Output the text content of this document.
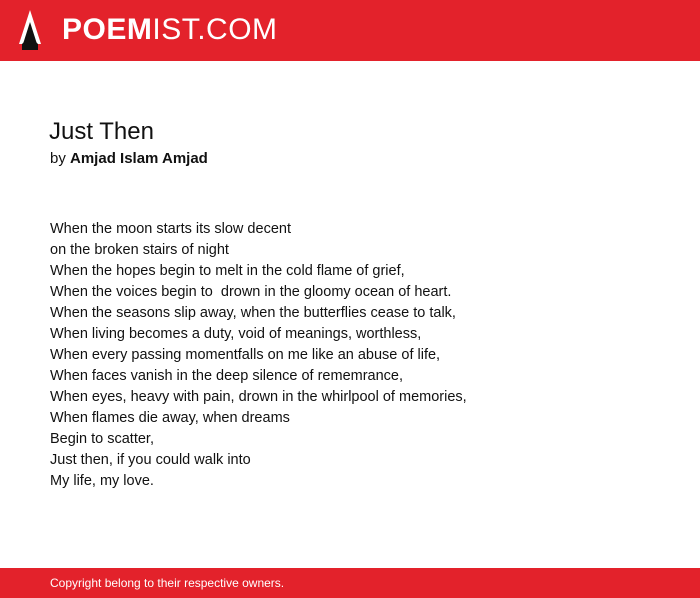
POEMIST.COM
Just Then
by Amjad Islam Amjad
When the moon starts its slow decent
on the broken stairs of night
When the hopes begin to melt in the cold flame of grief,
When the voices begin to  drown in the gloomy ocean of heart.
When the seasons slip away, when the butterflies cease to talk,
When living becomes a duty, void of meanings, worthless,
When every passing momentfalls on me like an abuse of life,
When faces vanish in the deep silence of rememrance,
When eyes, heavy with pain, drown in the whirlpool of memories,
When flames die away, when dreams
Begin to scatter,
Just then, if you could walk into
My life, my love.
Copyright belong to their respective owners.
